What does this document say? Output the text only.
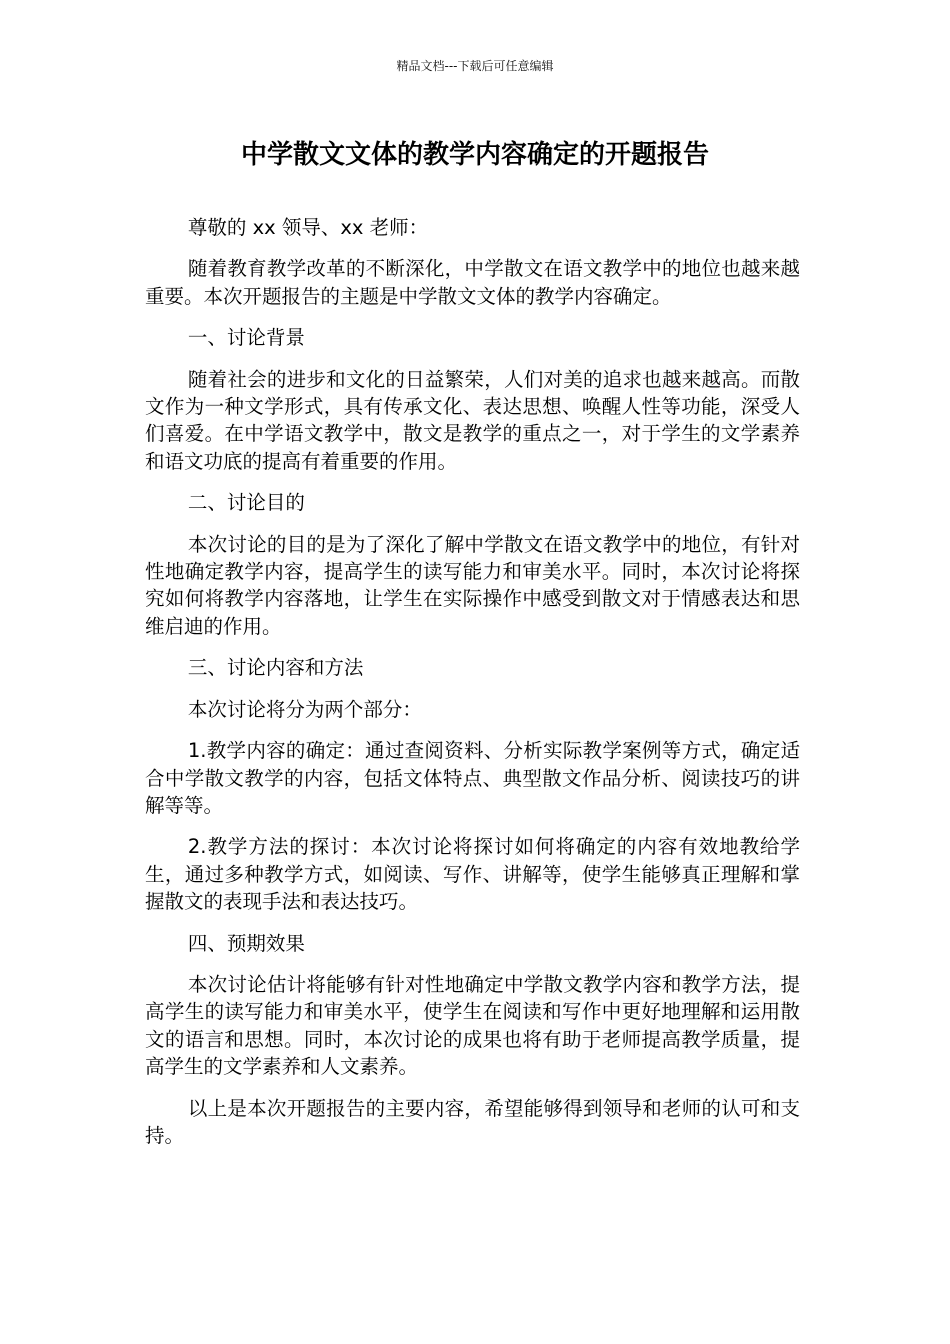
精品文档---下载后可任意编辑
中学散文文体的教学内容确定的开题报告

尊敬的 xx 领导、xx 老师：

随着教育教学改革的不断深化，中学散文在语文教学中的地位也越来越重要。本次开题报告的主题是中学散文文体的教学内容确定。

一、讨论背景

随着社会的进步和文化的日益繁荣，人们对美的追求也越来越高。而散文作为一种文学形式，具有传承文化、表达思想、唤醒人性等功能，深受人们喜爱。在中学语文教学中，散文是教学的重点之一，对于学生的文学素养和语文功底的提高有着重要的作用。

二、讨论目的

本次讨论的目的是为了深化了解中学散文在语文教学中的地位，有针对性地确定教学内容，提高学生的读写能力和审美水平。同时，本次讨论将探究如何将教学内容落地，让学生在实际操作中感受到散文对于情感表达和思维启迪的作用。

三、讨论内容和方法

本次讨论将分为两个部分：

1.教学内容的确定：通过查阅资料、分析实际教学案例等方式，确定适合中学散文教学的内容，包括文体特点、典型散文作品分析、阅读技巧的讲解等等。

2.教学方法的探讨：本次讨论将探讨如何将确定的内容有效地教给学生，通过多种教学方式，如阅读、写作、讲解等，使学生能够真正理解和掌握散文的表现手法和表达技巧。

四、预期效果

本次讨论估计将能够有针对性地确定中学散文教学内容和教学方法，提高学生的读写能力和审美水平，使学生在阅读和写作中更好地理解和运用散文的语言和思想。同时，本次讨论的成果也将有助于老师提高教学质量，提高学生的文学素养和人文素养。

以上是本次开题报告的主要内容，希望能够得到领导和老师的认可和支持。
